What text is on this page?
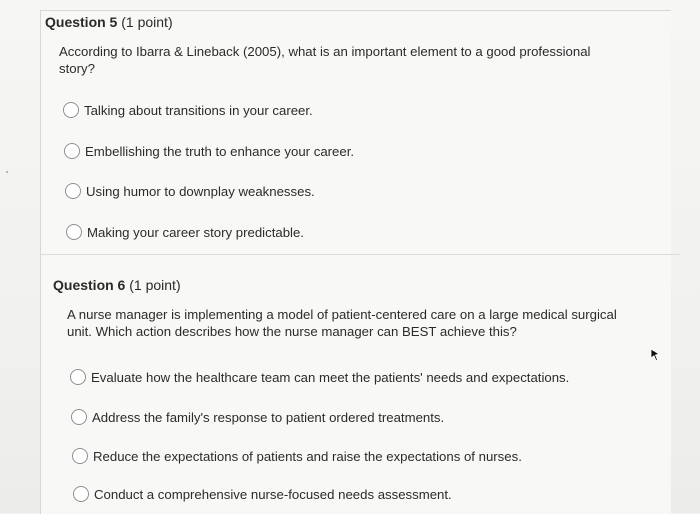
Question 5 (1 point)
According to Ibarra & Lineback (2005), what is an important element to a good professional story?
Talking about transitions in your career.
Embellishing the truth to enhance your career.
Using humor to downplay weaknesses.
Making your career story predictable.
Question 6 (1 point)
A nurse manager is implementing a model of patient-centered care on a large medical surgical unit. Which action describes how the nurse manager can BEST achieve this?
Evaluate how the healthcare team can meet the patients' needs and expectations.
Address the family's response to patient ordered treatments.
Reduce the expectations of patients and raise the expectations of nurses.
Conduct a comprehensive nurse-focused needs assessment.
